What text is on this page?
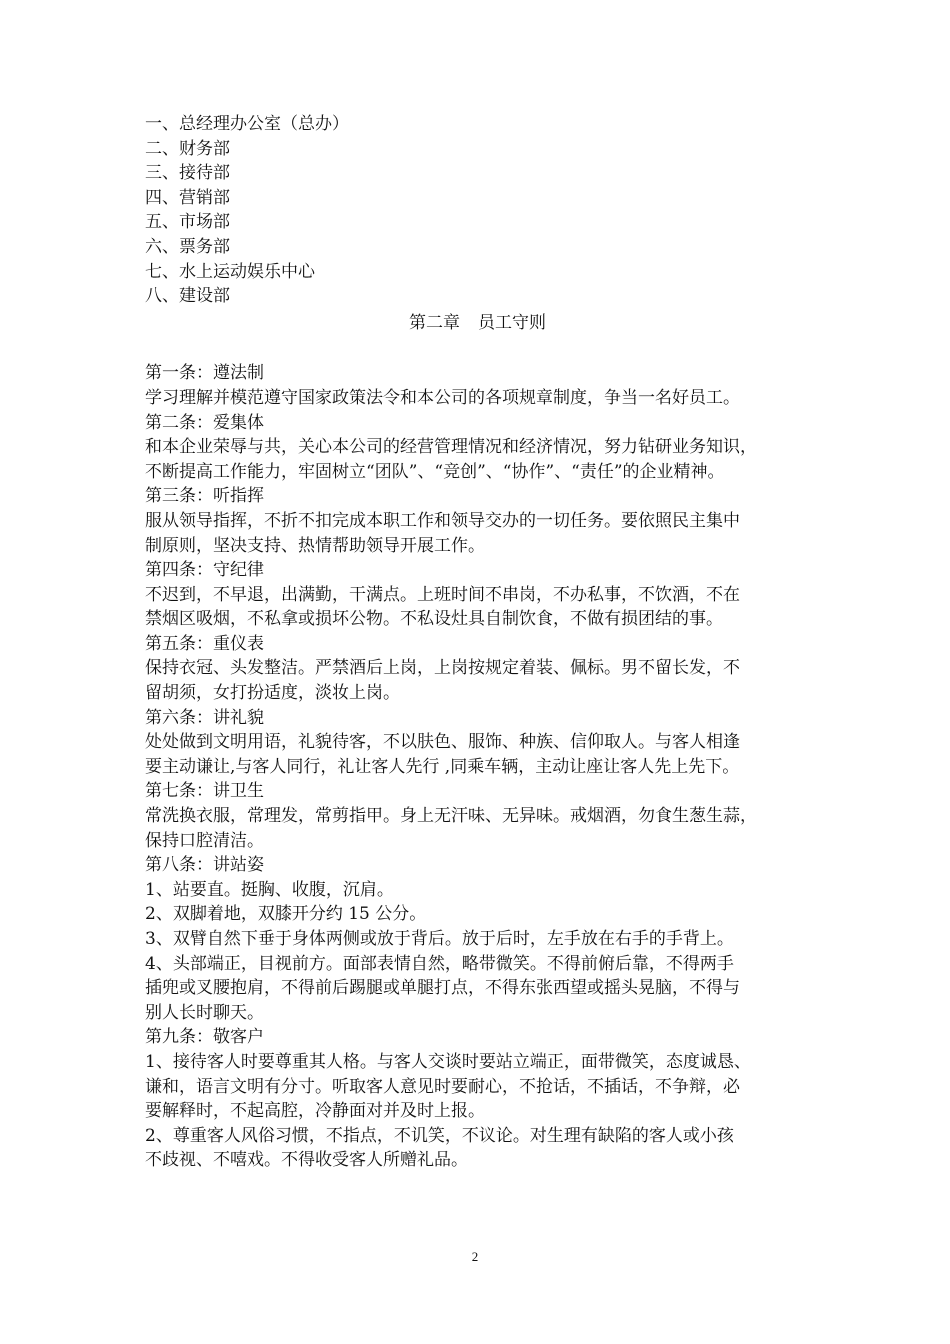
一、总经理办公室（总办）
二、财务部
三、接待部
四、营销部
五、市场部
六、票务部
七、水上运动娱乐中心
八、建设部
第二章 员工守则
第一条：遵法制
学习理解并模范遵守国家政策法令和本公司的各项规章制度，争当一名好员工。
第二条：爱集体
和本企业荣辱与共，关心本公司的经营管理情况和经济情况，努力钻研业务知识，
不断提高工作能力，牢固树立“团队”、“竞创”、“协作”、“责任”的企业精神。
第三条：听指挥
服从领导指挥，不折不扣完成本职工作和领导交办的一切任务。要依照民主集中
制原则，坚决支持、热情帮助领导开展工作。
第四条：守纪律
不迟到，不早退，出满勤，干满点。上班时间不串岗，不办私事，不饮酒，不在
禁烟区吸烟，不私拿或损坏公物。不私设灶具自制饮食，不做有损团结的事。
第五条：重仪表
保持衣冠、头发整洁。严禁酒后上岗，上岗按规定着装、佩标。男不留长发，不
留胡须，女打扮适度，淡妆上岗。
第六条：讲礼貌
处处做到文明用语，礼貌待客，不以肤色、服饰、种族、信仰取人。与客人相逢
要主动谦让,与客人同行，礼让客人先行 ,同乘车辆，主动让座让客人先上先下。
第七条：讲卫生
常洗换衣服，常理发，常剪指甲。身上无汗味、无异味。戒烟酒，勿食生葱生蒜，
保持口腔清洁。
第八条：讲站姿
1、站要直。挺胸、收腹，沉肩。
2、双脚着地，双膝开分约 15 公分。
3、双臂自然下垂于身体两侧或放于背后。放于后时，左手放在右手的手背上。
4、头部端正，目视前方。面部表情自然，略带微笑。不得前俯后靠，不得两手
插兜或叉腰抱肩，不得前后踢腿或单腿打点，不得东张西望或摇头晃脑，不得与
别人长时聊天。
第九条：敬客户
1、接待客人时要尊重其人格。与客人交谈时要站立端正，面带微笑，态度诚恳、
谦和，语言文明有分寸。听取客人意见时要耐心，不抢话，不插话，不争辩，必
要解释时，不起高腔，冷静面对并及时上报。
2、尊重客人风俗习惯，不指点，不讥笑，不议论。对生理有缺陷的客人或小孩
不歧视、不嘻戏。不得收受客人所赠礼品。
2
